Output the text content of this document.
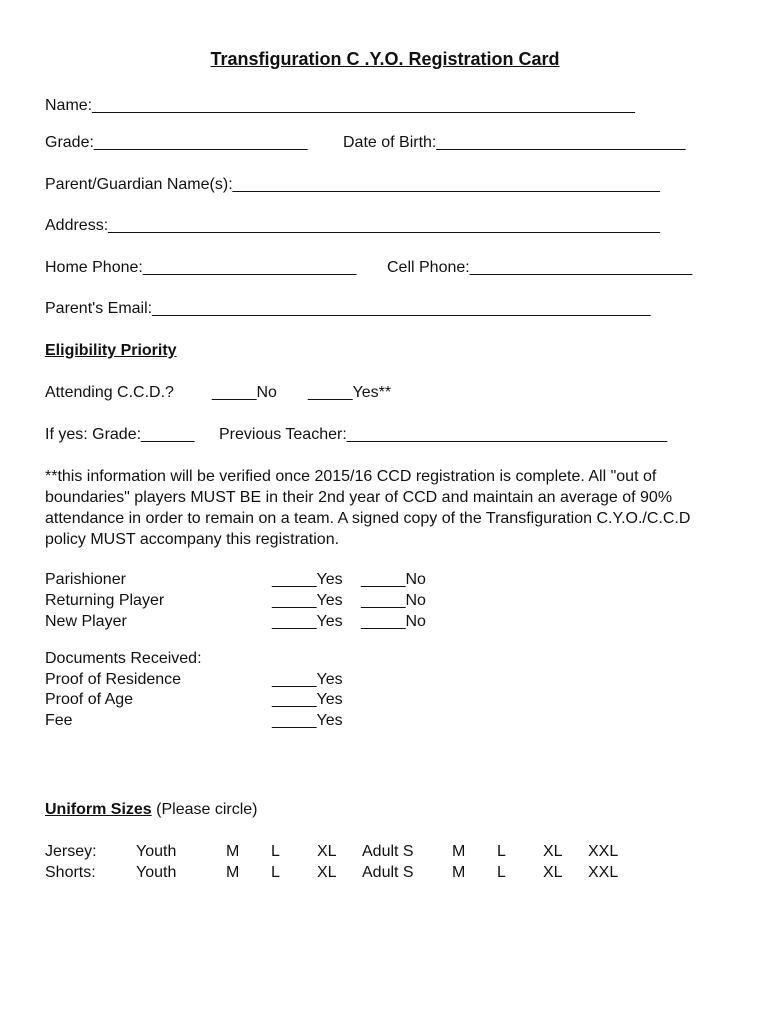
Transfiguration C .Y.O. Registration Card
Name:_____________________________________________________________
Grade:________________________ Date of Birth:____________________________
Parent/Guardian Name(s):________________________________________________
Address:______________________________________________________________
Home Phone:________________________ Cell Phone:_________________________
Parent's Email:________________________________________________________
Eligibility Priority
Attending C.C.D.? _____No _____Yes**
If yes: Grade:______ Previous Teacher:____________________________________
**this information will be verified once 2015/16 CCD registration is complete. All "out of boundaries" players MUST BE in their 2nd year of CCD and maintain an average of 90% attendance in order to remain on a team. A signed copy of the Transfiguration C.Y.O./C.C.D policy MUST accompany this registration.
Parishioner	_____Yes _____No
Returning Player	_____Yes _____No
New Player	_____Yes _____No
Documents Received:
Proof of Residence	_____Yes
Proof of Age	_____Yes
Fee	_____Yes
Uniform Sizes (Please circle)
Jersey: Youth	M L XL Adult S M L XL XXL
Shorts:	Youth	M L XL Adult S M L XL XXL
